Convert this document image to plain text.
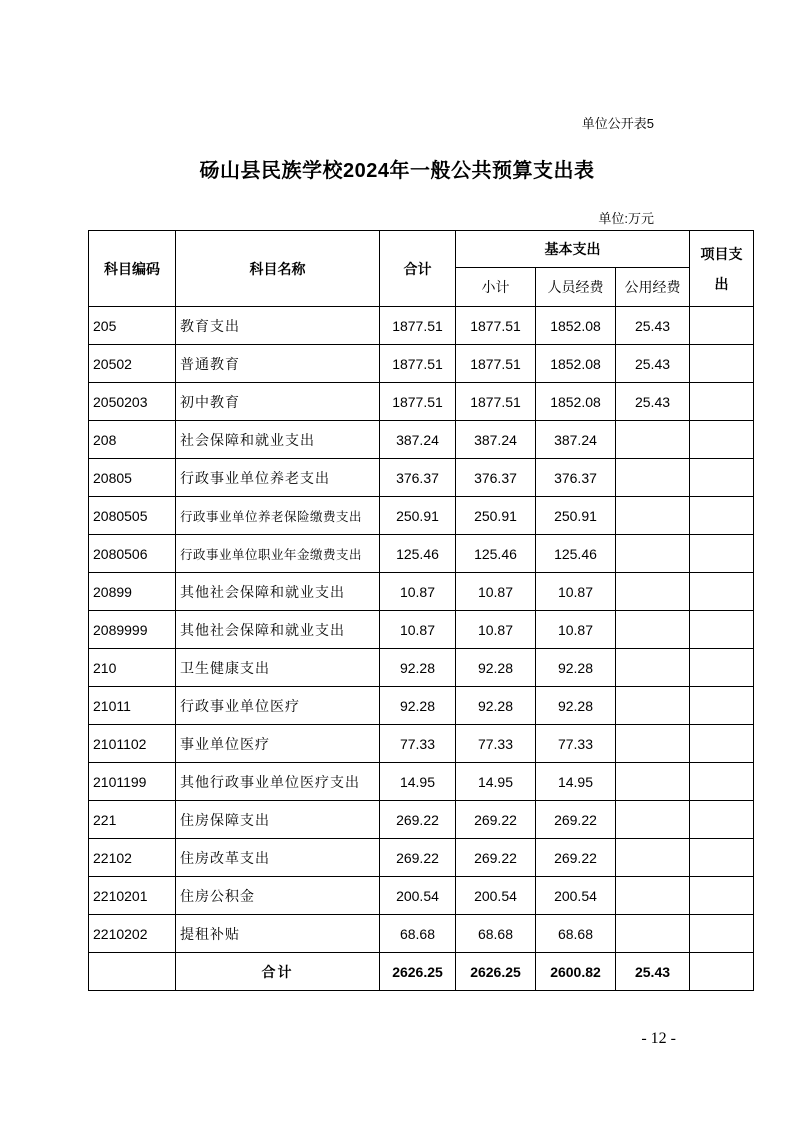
单位公开表5
砀山县民族学校2024年一般公共预算支出表
单位:万元
科目编码	科目名称	合计	基本支出			项目支出
			小计	人员经费	公用经费	
205	教育支出	1877.51	1877.51	1852.08	25.43	
20502	普通教育	1877.51	1877.51	1852.08	25.43	
2050203	初中教育	1877.51	1877.51	1852.08	25.43	
208	社会保障和就业支出	387.24	387.24	387.24		
20805	行政事业单位养老支出	376.37	376.37	376.37		
2080505	行政事业单位养老保险缴费支出	250.91	250.91	250.91		
2080506	行政事业单位职业年金缴费支出	125.46	125.46	125.46		
20899	其他社会保障和就业支出	10.87	10.87	10.87		
2089999	其他社会保障和就业支出	10.87	10.87	10.87		
210	卫生健康支出	92.28	92.28	92.28		
21011	行政事业单位医疗	92.28	92.28	92.28		
2101102	事业单位医疗	77.33	77.33	77.33		
2101199	其他行政事业单位医疗支出	14.95	14.95	14.95		
221	住房保障支出	269.22	269.22	269.22		
22102	住房改革支出	269.22	269.22	269.22		
2210201	住房公积金	200.54	200.54	200.54		
2210202	提租补贴	68.68	68.68	68.68		
	合计	2626.25	2626.25	2600.82	25.43	
- 12 -
